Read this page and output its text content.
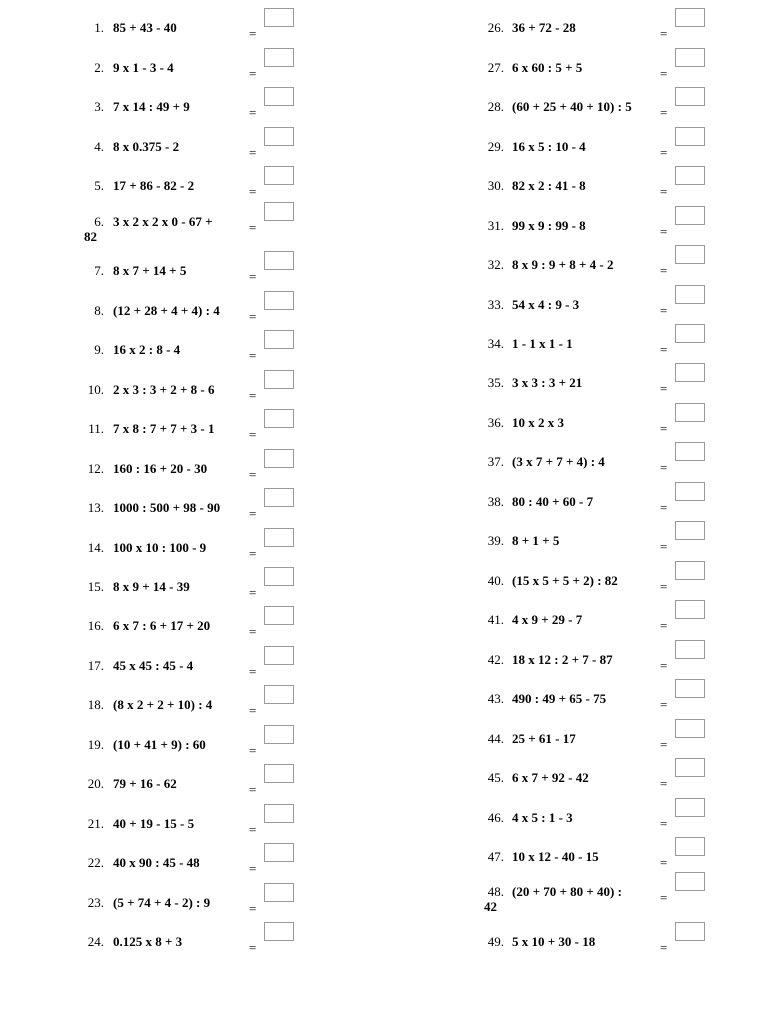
1. 85 + 43 - 40	=
2. 9 x 1 - 3 - 4	=
3. 7 x 14 : 49 + 9	=
4. 8 x 0.375 - 2	=
5. 17 + 86 - 82 - 2	=
6. 3 x 2 x 2 x 0 - 67 +
82
=
7. 8 x 7 + 14 + 5	=
8. (12 + 28 + 4 + 4) : 4	=
9. 16 x 2 : 8 - 4	=
10. 2 x 3 : 3 + 2 + 8 - 6	=
11. 7 x 8 : 7 + 7 + 3 - 1	=
12. 160 : 16 + 20 - 30	=
13. 1000 : 500 + 98 - 90	=
14. 100 x 10 : 100 - 9	=
15. 8 x 9 + 14 - 39	=
16. 6 x 7 : 6 + 17 + 20	=
17. 45 x 45 : 45 - 4	=
18. (8 x 2 + 2 + 10) : 4	=
19. (10 + 41 + 9) : 60	=
20. 79 + 16 - 62	=
21. 40 + 19 - 15 - 5	=
22. 40 x 90 : 45 - 48	=
23. (5 + 74 + 4 - 2) : 9	=
24. 0.125 x 8 + 3	=
26. 36 + 72 - 28	=
27. 6 x 60 : 5 + 5	=
28. (60 + 25 + 40 + 10) : 5	=
29. 16 x 5 : 10 - 4	=
30. 82 x 2 : 41 - 8	=
31. 99 x 9 : 99 - 8	=
32. 8 x 9 : 9 + 8 + 4 - 2	=
33. 54 x 4 : 9 - 3	=
34. 1 - 1 x 1 - 1	=
35. 3 x 3 : 3 + 21	=
36. 10 x 2 x 3	=
37. (3 x 7 + 7 + 4) : 4	=
38. 80 : 40 + 60 - 7	=
39. 8 + 1 + 5	=
40. (15 x 5 + 5 + 2) : 82	=
41. 4 x 9 + 29 - 7	=
42. 18 x 12 : 2 + 7 - 87	=
43. 490 : 49 + 65 - 75	=
44. 25 + 61 - 17	=
45. 6 x 7 + 92 - 42	=
46. 4 x 5 : 1 - 3	=
47. 10 x 12 - 40 - 15	=
48. (20 + 70 + 80 + 40) :
42
=
49. 5 x 10 + 30 - 18	=
